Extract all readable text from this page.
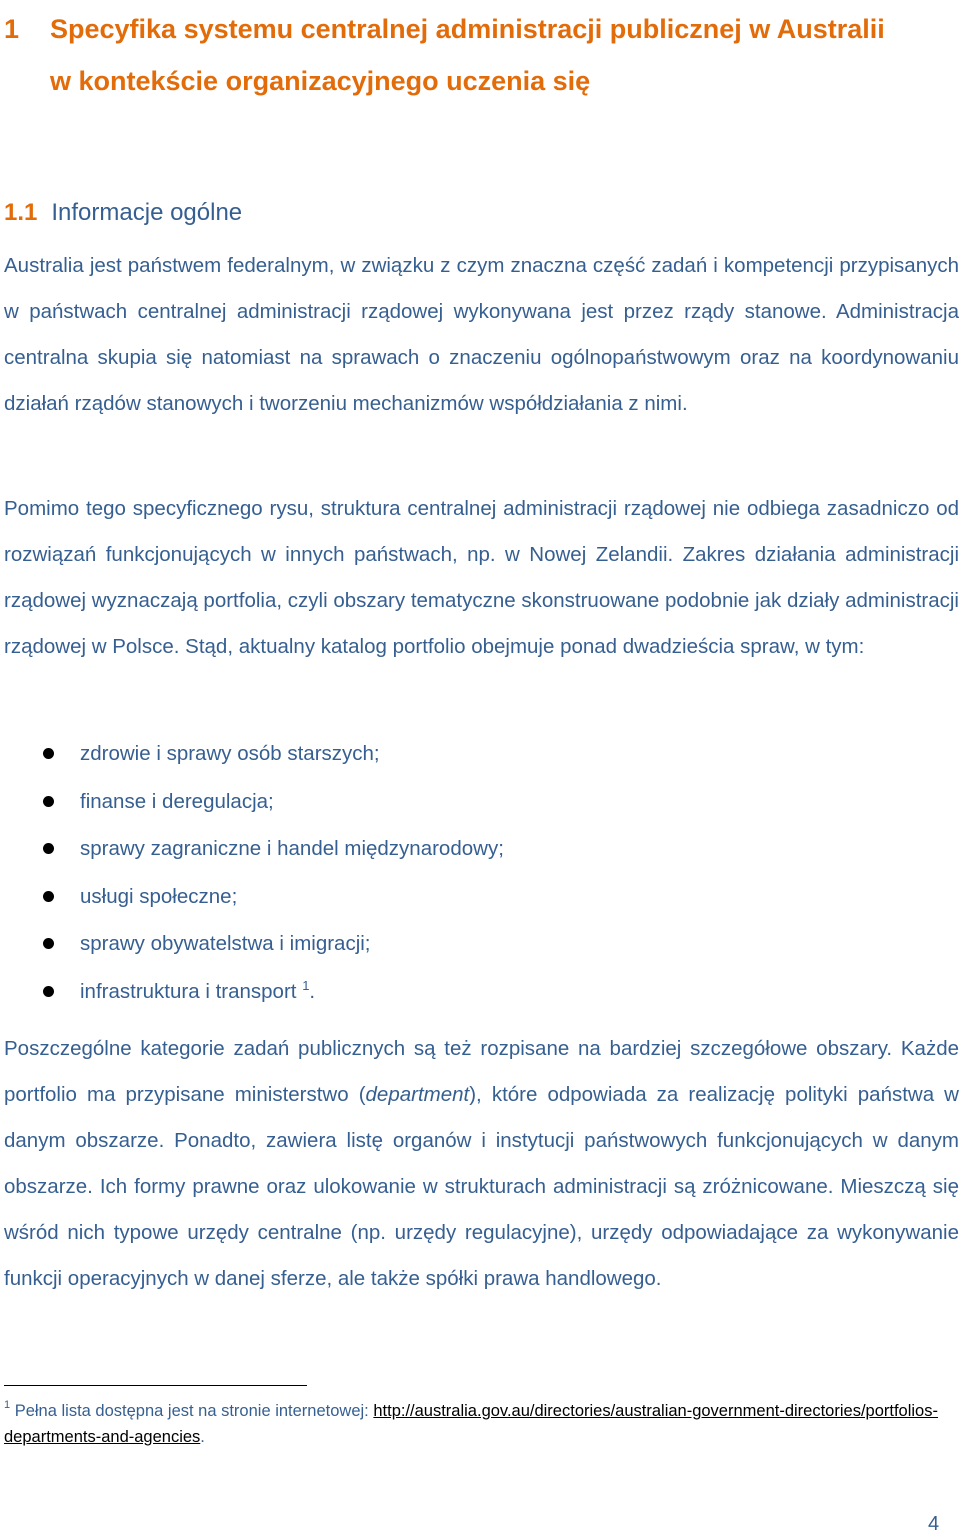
1 Specyfika systemu centralnej administracji publicznej w Australii
w kontekście organizacyjnego uczenia się
1.1 Informacje ogólne

Australia jest państwem federalnym, w związku z czym znaczna część zadań i kompetencji przypisanych w państwach centralnej administracji rządowej wykonywana jest przez rządy stanowe. Administracja centralna skupia się natomiast na sprawach o znaczeniu ogólnopaństwowym oraz na koordynowaniu działań rządów stanowych i tworzeniu mechanizmów współdziałania z nimi.

Pomimo tego specyficznego rysu, struktura centralnej administracji rządowej nie odbiega zasadniczo od rozwiązań funkcjonujących w innych państwach, np. w Nowej Zelandii. Zakres działania administracji rządowej wyznaczają portfolia, czyli obszary tematyczne skonstruowane podobnie jak działy administracji rządowej w Polsce. Stąd, aktualny katalog portfolio obejmuje ponad dwadzieścia spraw, w tym:

zdrowie i sprawy osób starszych;
finanse i deregulacja;
sprawy zagraniczne i handel międzynarodowy;
usługi społeczne;
sprawy obywatelstwa i imigracji;
infrastruktura i transport $^1$.

Poszczególne kategorie zadań publicznych są też rozpisane na bardziej szczegółowe obszary. Każde portfolio ma przypisane ministerstwo (department), które odpowiada za realizację polityki państwa w danym obszarze. Ponadto, zawiera listę organów i instytucji państwowych funkcjonujących w danym obszarze. Ich formy prawne oraz ulokowanie w strukturach administracji są zróżnicowane. Mieszczą się wśród nich typowe urzędy centralne (np. urzędy regulacyjne), urzędy odpowiadające za wykonywanie funkcji operacyjnych w danej sferze, ale także spółki prawa handlowego.

$^1$ Pełna lista dostępna jest na stronie internetowej: http://australia.gov.au/directories/australian-government-directories/portfolios-departments-and-agencies.

4
